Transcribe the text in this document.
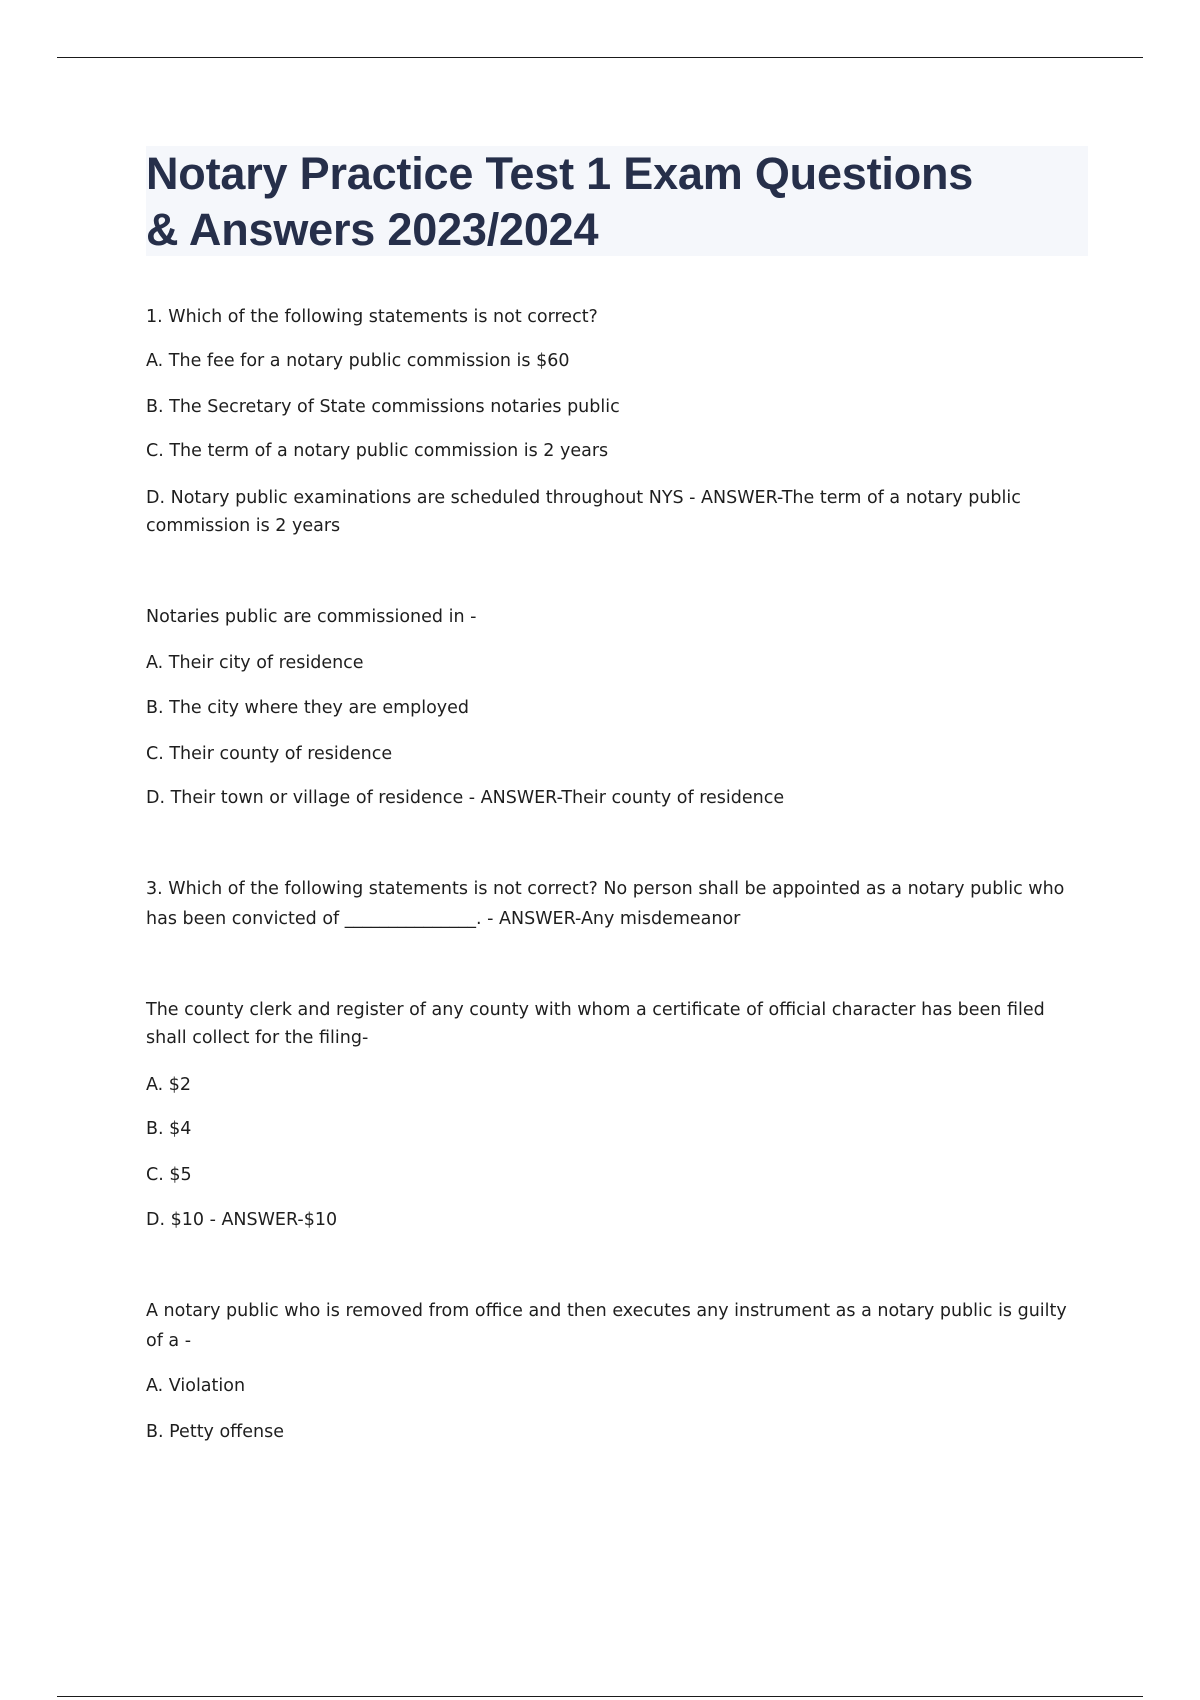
Notary Practice Test 1 Exam Questions
& Answers 2023/2024
1. Which of the following statements is not correct?
A. The fee for a notary public commission is $60
B. The Secretary of State commissions notaries public
C. The term of a notary public commission is 2 years
D. Notary public examinations are scheduled throughout NYS - ANSWER-The term of a notary public
commission is 2 years
Notaries public are commissioned in -
A. Their city of residence
B. The city where they are employed
C. Their county of residence
D. Their town or village of residence - ANSWER-Their county of residence
3. Which of the following statements is not correct? No person shall be appointed as a notary public who
has been convicted of _______________. - ANSWER-Any misdemeanor
The county clerk and register of any county with whom a certificate of official character has been filed
shall collect for the filing-
A. $2
B. $4
C. $5
D. $10 - ANSWER-$10
A notary public who is removed from office and then executes any instrument as a notary public is guilty
of a -
A. Violation
B. Petty offense
